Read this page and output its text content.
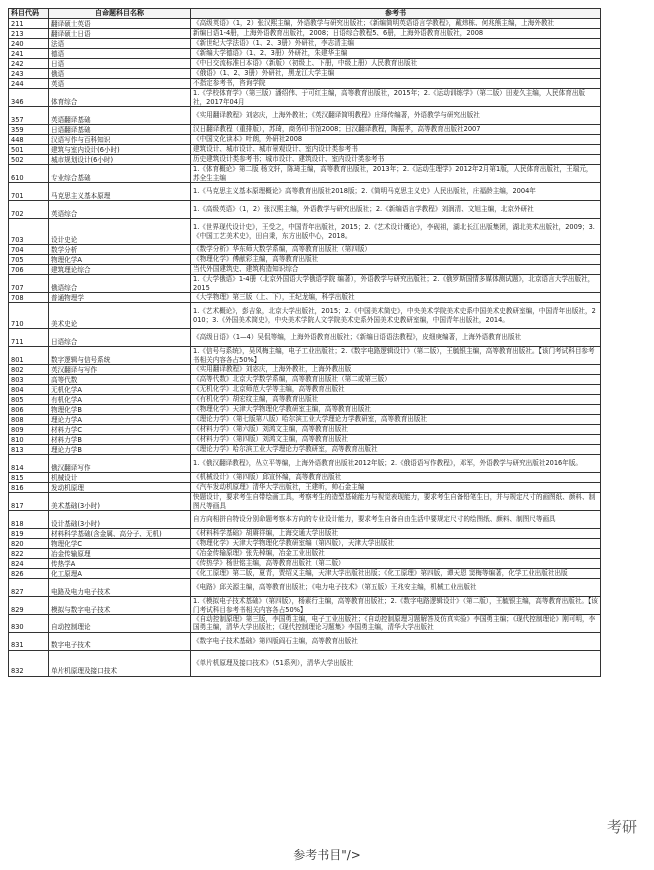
科目代码	自命题科目名称	参考书
211	翻译硕士英语	《高级英语》（1，2）张汉熙主编，外语教学与研究出版社；《新编简明英语语言学教程》，戴炜栋、何兆熊主编，上海外教社
213	翻译硕士日语	新编日语1-4册，上海外语教育出版社，2008；日语综合教程5、6册，上海外语教育出版社，2008
240	法语	《新世纪大学法语》（1、2、3册）外研社，李志清主编
241	德语	《新编大学德语》（1、2、3册）外研社，朱建华主编
242	日语	《中日交流标准日本语》（新版）（初级上、下册，中级上册）人民教育出版社
243	俄语	《俄语》（1、2、3册）外研社，黑龙江大学主编
244	英语	不指定参考书，咨询学院
346	体育综合	1.《学校体育学》（第三版）潘绍伟、于可红主编，高等教育出版社，2015年；2.《运动训练学》（第二版）田麦久主编，人民体育出版社，2017年04月
357	英语翻译基础	《实用翻译教程》刘宓庆，上海外教社；《英汉翻译简明教程》庄绎传编著，外语教学与研究出版社
359	日语翻译基础	汉日翻译教程（重排版），苏琦，商务印书馆2008；日汉翻译教程，陶振孝，高等教育出版社2007
448	汉语写作与百科知识	《中国文化读本》叶朗，外研社2008
501	建筑与室内设计(6小时)	建筑设计、城市设计、城市景观设计、室内设计类参考书
502	城市规划设计(6小时)	历史建筑设计类参考书；城市设计、建筑设计、室内设计类参考书
610	专业综合基础	1.《体育概论》第二版 杨文轩，陈琦主编，高等教育出版社，2013年；2.《运动生理学》2012年2月第1版，人民体育出版社，王瑞元，苏全生主编
701	马克思主义基本原理	1.《马克思主义基本原理概论》高等教育出版社2018版；2.《简明马克思主义史》人民出版社，庄福龄主编，2004年
702	英语综合	1.《高级英语》（1，2）张汉熙主编，外语教学与研究出版社；2.《新编语言学教程》刘润清、文旭主编，北京外研社
703	设计史论	1.《世界现代设计史》，王受之，中国青年出版社，2015；2.《艺术设计概论》，李砚祖，湖北长江出版集团，湖北美术出版社，2009；3.《中国工艺美术史》，田自秉，东方出版中心，2018。
704	数学分析	《数学分析》华东师大数学系编，高等教育出版社（第四版）
705	物理化学A	《物理化学》傅献彩主编，高等教育出版社
706	建筑理论综合	当代外国建筑史、建筑构造知识综合
707	俄语综合	1.《大学俄语》1-4册（北京外国语大学俄语学院 编著），外语教学与研究出版社；2.《俄罗斯国情多媒体测试题》，北京语言大学出版社，2015
708	普通物理学	《大学物理》第三版（上、下），王纪龙编，科学出版社
710	美术史论	1.《艺术概论》，彭吉象，北京大学出版社，2015；2.《中国美术简史》，中央美术学院美术史系中国美术史教研室编，中国青年出版社，2010；3.《外国美术简史》，中央美术学院人文学院美术史系外国美术史教研室编，中国青年出版社，2014。
711	日语综合	《高级日语》（1—4）吴侃等编，上海外语教育出版社；《新编日语语法教程》，皮细庚编著，上海外语教育出版社
801	数字逻辑与信号系统	1.《信号与系统》，吴风梅主编，电子工业出版社；2.《数字电路逻辑设计》（第二版），王毓银主编，高等教育出版社。【该门考试科目参考书相关内容各占50%】
802	英汉翻译与写作	《实用翻译教程》刘宓庆，上海外教社，上海外教出版
803	高等代数	《高等代数》北京大学数学系编，高等教育出版社（第二或第三版）
804	无机化学A	《无机化学》北京师范大学等主编，高等教育出版社
805	有机化学A	《有机化学》胡宏纹主编，高等教育出版社
806	物理化学B	《物理化学》天津大学物理化学教研室主编，高等教育出版社
808	理论力学A	《理论力学》（第七版第八版）哈尔滨工业大学理论力学教研室，高等教育出版社
809	材料力学C	《材料力学》（第六版）刘鸿文主编，高等教育出版社
810	材料力学B	《材料力学》（第四版）刘鸿文主编，高等教育出版社
813	理论力学B	《理论力学》哈尔滨工业大学理论力学教研室，高等教育出版社
814	俄汉翻译写作	1.《俄汉翻译教程》，丛立平等编，上海外语教育出版社2012年版；2.《俄语语写作教程》，邓军，外语教学与研究出版社2016年版。
815	机械设计	《机械设计》（第四版）邱宣怀编，高等教育出版社
816	发动机原理	《汽车发动机原理》清华大学出版社，王建昕，帅石金主编
817	美术基础(3小时)	快题设计，要求考生自带绘画工具，考察考生的造型基础能力与视觉表现能力，要求考生自备铅笔生日，并与规定尺寸的画图纸、颜料、制图尺等画具
818	设计基础(3小时)	自方向相拼自特设分别命题考察本方向的专业设计能力，要求考生自备自由生活中要规定尺寸的绘图纸、颜料、制图尺等画具
819	材料科学基础(含金属、高分子、无机)	《材料科学基础》胡赓祥编，上海交通大学出版社
820	物理化学C	《物理化学》天津大学物理化学教研室编（第四版），天津大学出版社
822	冶金传输原理	《冶金传输原理》张先棹编，冶金工业出版社
824	传热学A	《传热学》杨世铭主编，高等教育出版社（第二版）
826	化工原理A	《化工原理》第二版，夏青，贾绍义主编，天津大学出版社出版；《化工原理》第四版，谭天恩 窦梅等编著，化学工业出版社出版
827	电路及电力电子技术	《电路》邱关源主编，高等教育出版社；《电力电子技术》（第五版）王兆安主编，机械工业出版社
829	模拟与数字电子技术	1.《模拟电子技术基础》（第四版），杨素行主编，高等教育出版社；2.《数字电路逻辑设计》（第二版），王毓银主编，高等教育出版社。【该门考试科目参考书相关内容各占50%】
830	自动控制理论	《自动控制原理》第三版，李国勇主编，电子工业出版社；《自动控制原理习题解答及仿真实验》李国勇主编；《现代控制理论》刚可明，李国勇主编，清华大学出版社；《现代控制理论习题集》李国勇主编，清华大学出版社
831	数字电子技术	《数字电子技术基础》第四版阎石主编，高等教育出版社
832	单片机原理及接口技术	《单片机原理及接口技术》（51系列），清华大学出版社
考研
参考书目"/>
